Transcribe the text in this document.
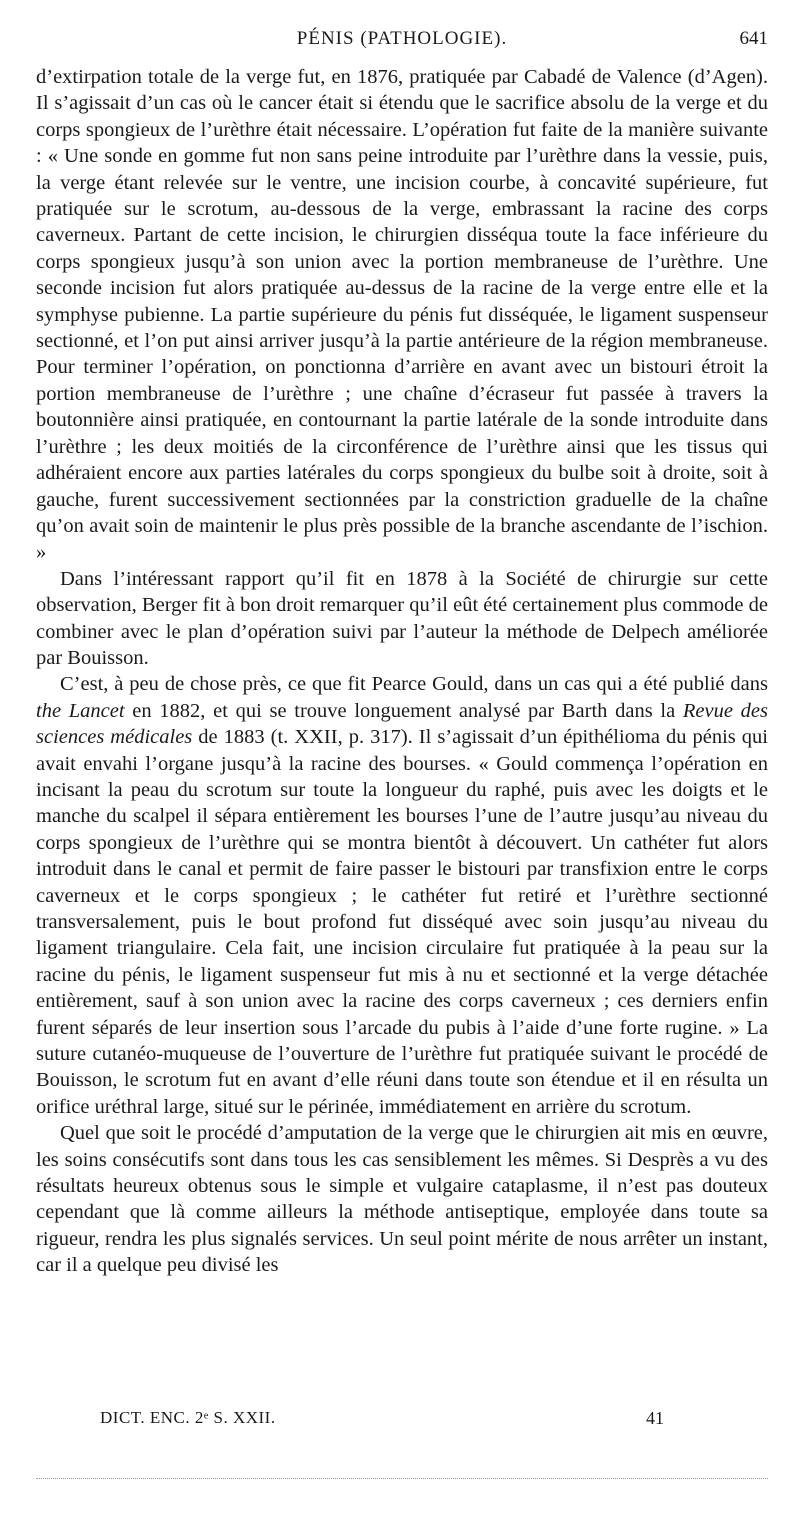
PÉNIS (PATHOLOGIE).	641

d’extirpation totale de la verge fut, en 1876, pratiquée par Cabadé de Valence (d’Agen). Il s’agissait d’un cas où le cancer était si étendu que le sacrifice absolu de la verge et du corps spongieux de l’urèthre était nécessaire. L’opération fut faite de la manière suivante : « Une sonde en gomme fut non sans peine introduite par l’urèthre dans la vessie, puis, la verge étant relevée sur le ventre, une incision courbe, à concavité supérieure, fut pratiquée sur le scrotum, au-dessous de la verge, embrassant la racine des corps caverneux. Partant de cette incision, le chirurgien disséqua toute la face inférieure du corps spongieux jusqu’à son union avec la portion membraneuse de l’urèthre. Une seconde incision fut alors pratiquée au-dessus de la racine de la verge entre elle et la symphyse pubienne. La partie supérieure du pénis fut disséquée, le ligament suspenseur sectionné, et l’on put ainsi arriver jusqu’à la partie antérieure de la région membraneuse. Pour terminer l’opération, on ponctionna d’arrière en avant avec un bistouri étroit la portion membraneuse de l’urèthre ; une chaîne d’écraseur fut passée à travers la boutonnière ainsi pratiquée, en contournant la partie latérale de la sonde introduite dans l’urèthre ; les deux moitiés de la circonférence de l’urèthre ainsi que les tissus qui adhéraient encore aux parties latérales du corps spongieux du bulbe soit à droite, soit à gauche, furent successivement sectionnées par la constriction graduelle de la chaîne qu’on avait soin de maintenir le plus près possible de la branche ascendante de l’ischion. »

Dans l’intéressant rapport qu’il fit en 1878 à la Société de chirurgie sur cette observation, Berger fit à bon droit remarquer qu’il eût été certainement plus commode de combiner avec le plan d’opération suivi par l’auteur la méthode de Delpech améliorée par Bouisson.

C’est, à peu de chose près, ce que fit Pearce Gould, dans un cas qui a été publié dans the Lancet en 1882, et qui se trouve longuement analysé par Barth dans la Revue des sciences médicales de 1883 (t. XXII, p. 317). Il s’agissait d’un épithélioma du pénis qui avait envahi l’organe jusqu’à la racine des bourses. « Gould commença l’opération en incisant la peau du scrotum sur toute la longueur du raphé, puis avec les doigts et le manche du scalpel il sépara entièrement les bourses l’une de l’autre jusqu’au niveau du corps spongieux de l’urèthre qui se montra bientôt à découvert. Un cathéter fut alors introduit dans le canal et permit de faire passer le bistouri par transfixion entre le corps caverneux et le corps spongieux ; le cathéter fut retiré et l’urèthre sectionné transversalement, puis le bout profond fut disséqué avec soin jusqu’au niveau du ligament triangulaire. Cela fait, une incision circulaire fut pratiquée à la peau sur la racine du pénis, le ligament suspenseur fut mis à nu et sectionné et la verge détachée entièrement, sauf à son union avec la racine des corps caverneux ; ces derniers enfin furent séparés de leur insertion sous l’arcade du pubis à l’aide d’une forte rugine. » La suture cutanéo-muqueuse de l’ouverture de l’urèthre fut pratiquée suivant le procédé de Bouisson, le scrotum fut en avant d’elle réuni dans toute son étendue et il en résulta un orifice uréthral large, situé sur le périnée, immédiatement en arrière du scrotum.

Quel que soit le procédé d’amputation de la verge que le chirurgien ait mis en œuvre, les soins consécutifs sont dans tous les cas sensiblement les mêmes. Si Desprès a vu des résultats heureux obtenus sous le simple et vulgaire cataplasme, il n’est pas douteux cependant que là comme ailleurs la méthode antiseptique, employée dans toute sa rigueur, rendra les plus signalés services. Un seul point mérite de nous arrêter un instant, car il a quelque peu divisé les

DICT. ENC. 2ᵉ S. XXII.	41
